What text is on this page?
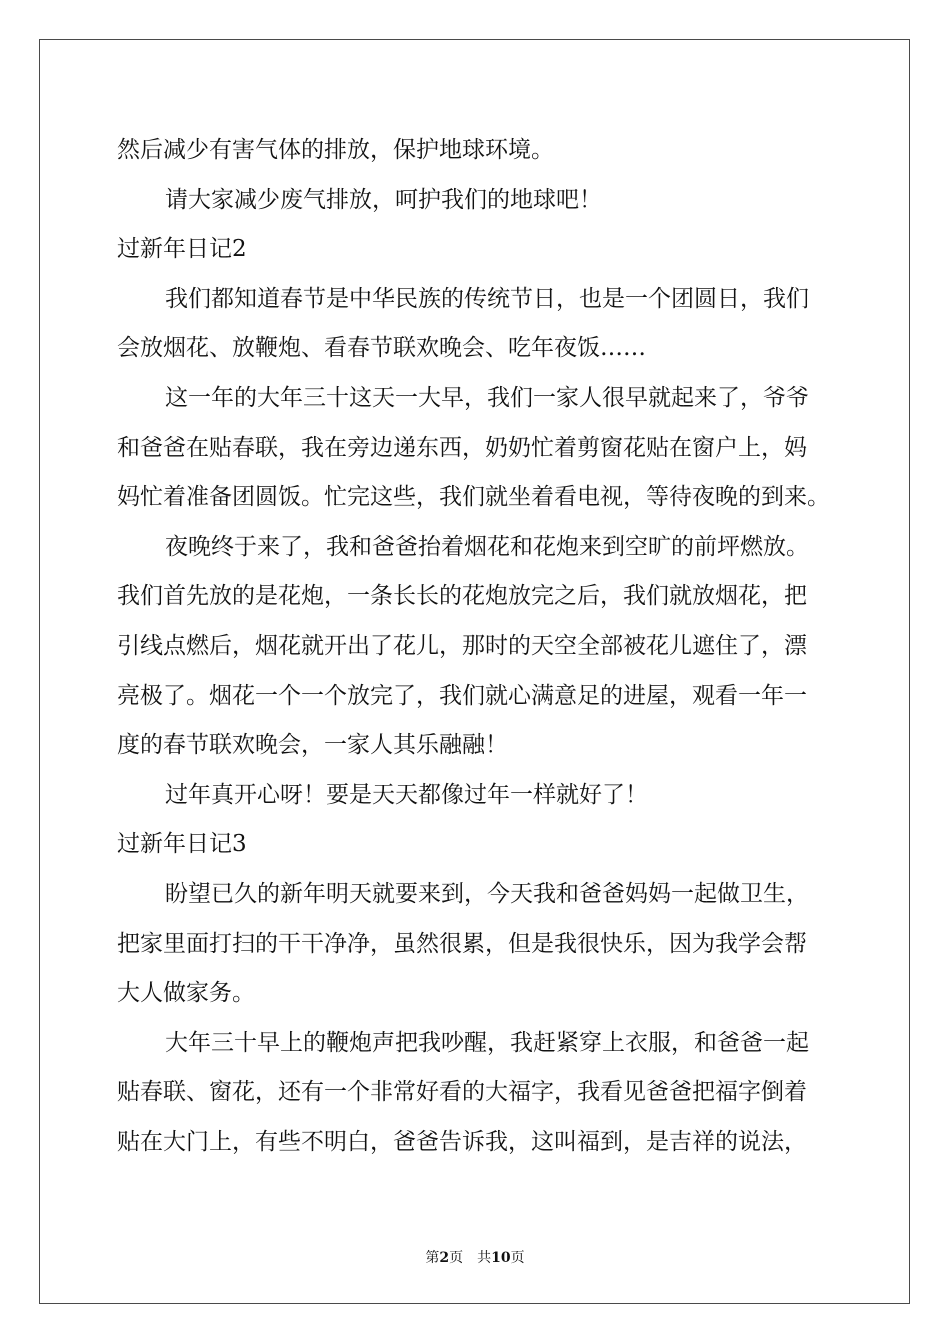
然后减少有害气体的排放，保护地球环境。
请大家减少废气排放，呵护我们的地球吧！
过新年日记2
我们都知道春节是中华民族的传统节日，也是一个团圆日，我们
会放烟花、放鞭炮、看春节联欢晚会、吃年夜饭……
这一年的大年三十这天一大早，我们一家人很早就起来了，爷爷
和爸爸在贴春联，我在旁边递东西，奶奶忙着剪窗花贴在窗户上，妈
妈忙着准备团圆饭。忙完这些，我们就坐着看电视，等待夜晚的到来。
夜晚终于来了，我和爸爸抬着烟花和花炮来到空旷的前坪燃放。
我们首先放的是花炮，一条长长的花炮放完之后，我们就放烟花，把
引线点燃后，烟花就开出了花儿，那时的天空全部被花儿遮住了，漂
亮极了。烟花一个一个放完了，我们就心满意足的进屋，观看一年一
度的春节联欢晚会，一家人其乐融融！
过年真开心呀！要是天天都像过年一样就好了！
过新年日记3
盼望已久的新年明天就要来到，今天我和爸爸妈妈一起做卫生，
把家里面打扫的干干净净，虽然很累，但是我很快乐，因为我学会帮
大人做家务。
大年三十早上的鞭炮声把我吵醒，我赶紧穿上衣服，和爸爸一起
贴春联、窗花，还有一个非常好看的大福字，我看见爸爸把福字倒着
贴在大门上，有些不明白，爸爸告诉我，这叫福到，是吉祥的说法，
第2页 共10页
